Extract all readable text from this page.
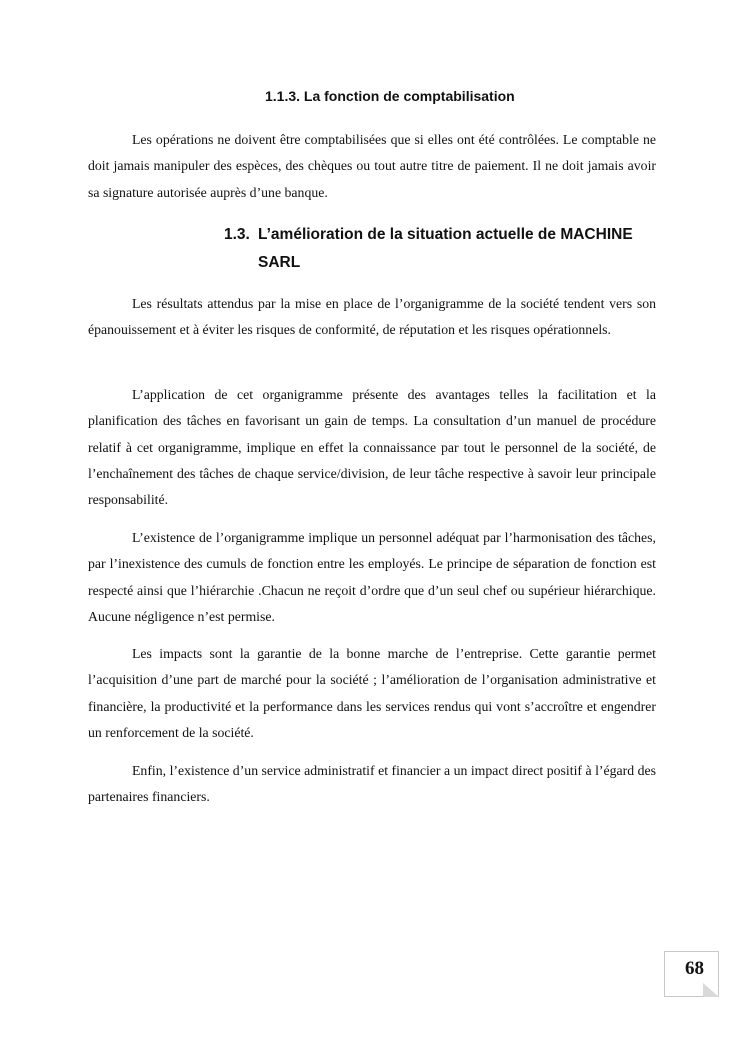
1.1.3. La fonction de comptabilisation

Les opérations ne doivent être comptabilisées que si elles ont été contrôlées. Le comptable ne doit jamais manipuler des espèces, des chèques ou tout autre titre de paiement. Il ne doit jamais avoir sa signature autorisée auprès d’une banque.

1.3. L’amélioration de la situation actuelle de MACHINE
SARL

Les résultats attendus par la mise en place de l’organigramme de la société tendent vers son épanouissement et à éviter les risques de conformité, de réputation et les risques opérationnels.

L’application de cet organigramme présente des avantages telles la facilitation et la planification des tâches en favorisant un gain de temps. La consultation d’un manuel de procédure relatif à cet organigramme, implique en effet la connaissance par tout le personnel de la société, de l’enchaînement des tâches de chaque service/division, de leur tâche respective à savoir leur principale responsabilité.

L’existence de l’organigramme implique un personnel adéquat par l’harmonisation des tâches, par l’inexistence des cumuls de fonction entre les employés. Le principe de séparation de fonction est respecté ainsi que l’hiérarchie .Chacun ne reçoit d’ordre que d’un seul chef ou supérieur hiérarchique. Aucune négligence n’est permise.

Les impacts sont la garantie de la bonne marche de l’entreprise. Cette garantie permet l’acquisition d’une part de marché pour la société ; l’amélioration de l’organisation administrative et financière, la productivité et la performance dans les services rendus qui vont s’accroître et engendrer un renforcement de la société.

Enfin, l’existence d’un service administratif et financier a un impact direct positif à l’égard des partenaires financiers.

68
